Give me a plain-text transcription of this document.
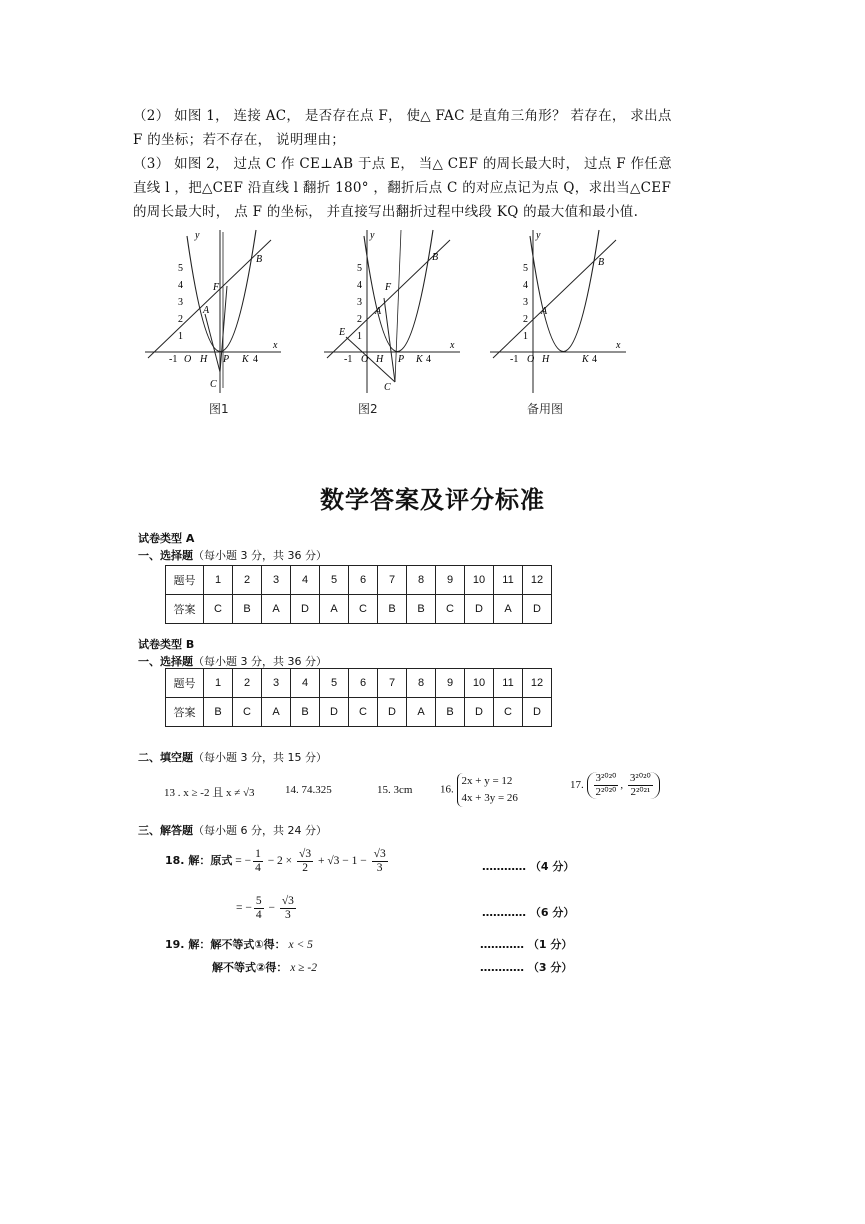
（2） 如图 1， 连接 AC， 是否存在点 F， 使△ FAC 是直角三角形？ 若存在， 求出点

F 的坐标；若不存在， 说明理由；

（3） 如图 2， 过点 C 作 CE⊥AB 于点 E， 当△ CEF 的周长最大时， 过点 F 作任意

直线 l ，把△CEF 沿直线 l 翻折 180° ，翻折后点 C 的对应点记为点 Q，求出当△CEF

的周长最大时， 点 F 的坐标， 并直接写出翻折过程中线段 KQ 的最大值和最小值.

y
x
5
4
3
2
1
-1 O H P K 4
A
B
C
F
y
x
5
4
3
2
1
-1 O H P K 4
A
B
C
E
F
y
x
5
4
3
2
1
-1 O H	K 4
A
B
图1	图2	备用图
数学答案及评分标准
试卷类型 A
一、选择题（每小题 3 分，共 36 分）
题号	1	2	3	4	5	6	7	8	9	10	11	12
答案	C	B	A	D	A	C	B	B	C	D	A	D
试卷类型 B
一、选择题（每小题 3 分，共 36 分）
题号	1	2	3	4	5	6	7	8	9	10	11	12
答案	B	C	A	B	D	C	D	A	B	D	C	D
二、填空题（每小题 3 分，共 15 分）
13 . x ≥ -2 且 x ≠ √3	14. 74.325	15. 3cm	16.
2x + y = 12
4x + 3y = 26
17. $\frac{\text{3²⁰²⁰}}{\text{2²⁰²⁰}}$ , $\frac{\text{3²⁰²⁰}}{\text{2²⁰²¹}}$
三、解答题（每小题 6 分，共 24 分）
18. 解：原式 = − $\frac{1}{4} - 2 \times \frac{√3}{2} + √3 - 1 - \frac{√3}{3}$	………… （4 分）
= − $\frac{5}{4} - \frac{√3}{3}$	………… （6 分）
19. 解：解不等式①得： x < 5	………… （1 分）
解不等式②得： x ≥ -2	………… （3 分）
